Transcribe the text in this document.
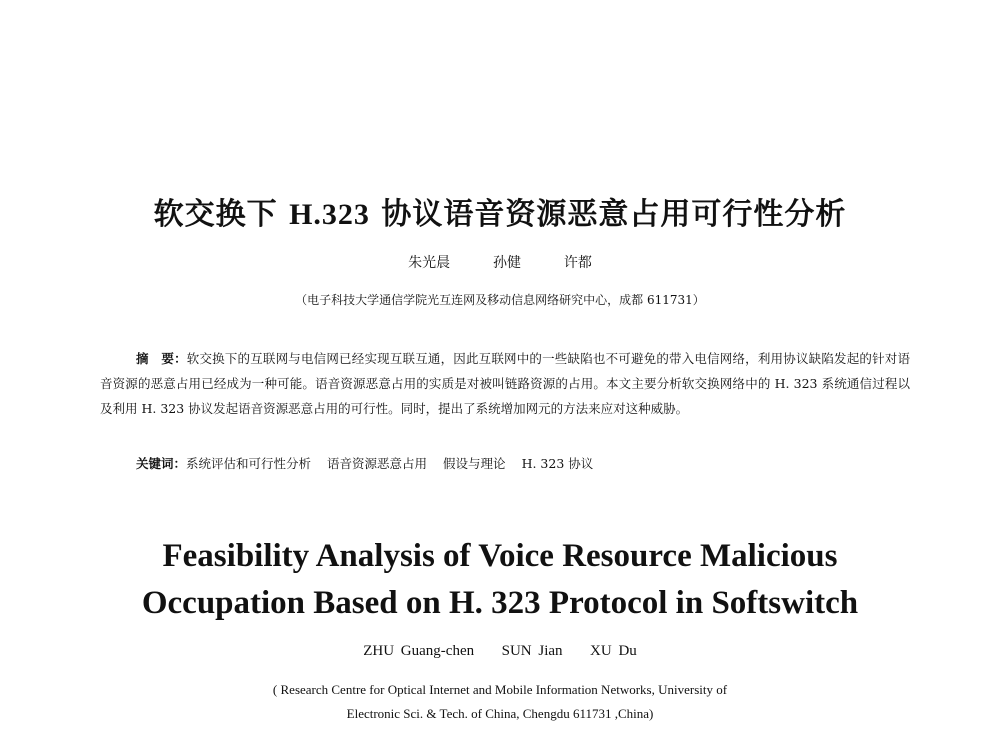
软交换下 H.323 协议语音资源恶意占用可行性分析
朱光晨	孙健	许都
（电子科技大学通信学院光互连网及移动信息网络研究中心，成都 611731）
摘　要：软交换下的互联网与电信网已经实现互联互通，因此互联网中的一些缺陷也不可避免的带入电信网络，利用协议缺陷发起的针对语音资源的恶意占用已经成为一种可能。语音资源恶意占用的实质是对被叫链路资源的占用。本文主要分析软交换网络中的 H. 323 系统通信过程以及利用 H. 323 协议发起语音资源恶意占用的可行性。同时，提出了系统增加网元的方法来应对这种威胁。
关键词：系统评估和可行性分析 语音资源恶意占用 假设与理论 H. 323 协议
Feasibility Analysis of Voice Resource Malicious
Occupation Based on H. 323 Protocol in Softswitch
ZHU Guang-chen SUN Jian XU Du
( Research Centre for Optical Internet and Mobile Information Networks, University of
Electronic Sci. & Tech. of China, Chengdu 611731 ,China)
